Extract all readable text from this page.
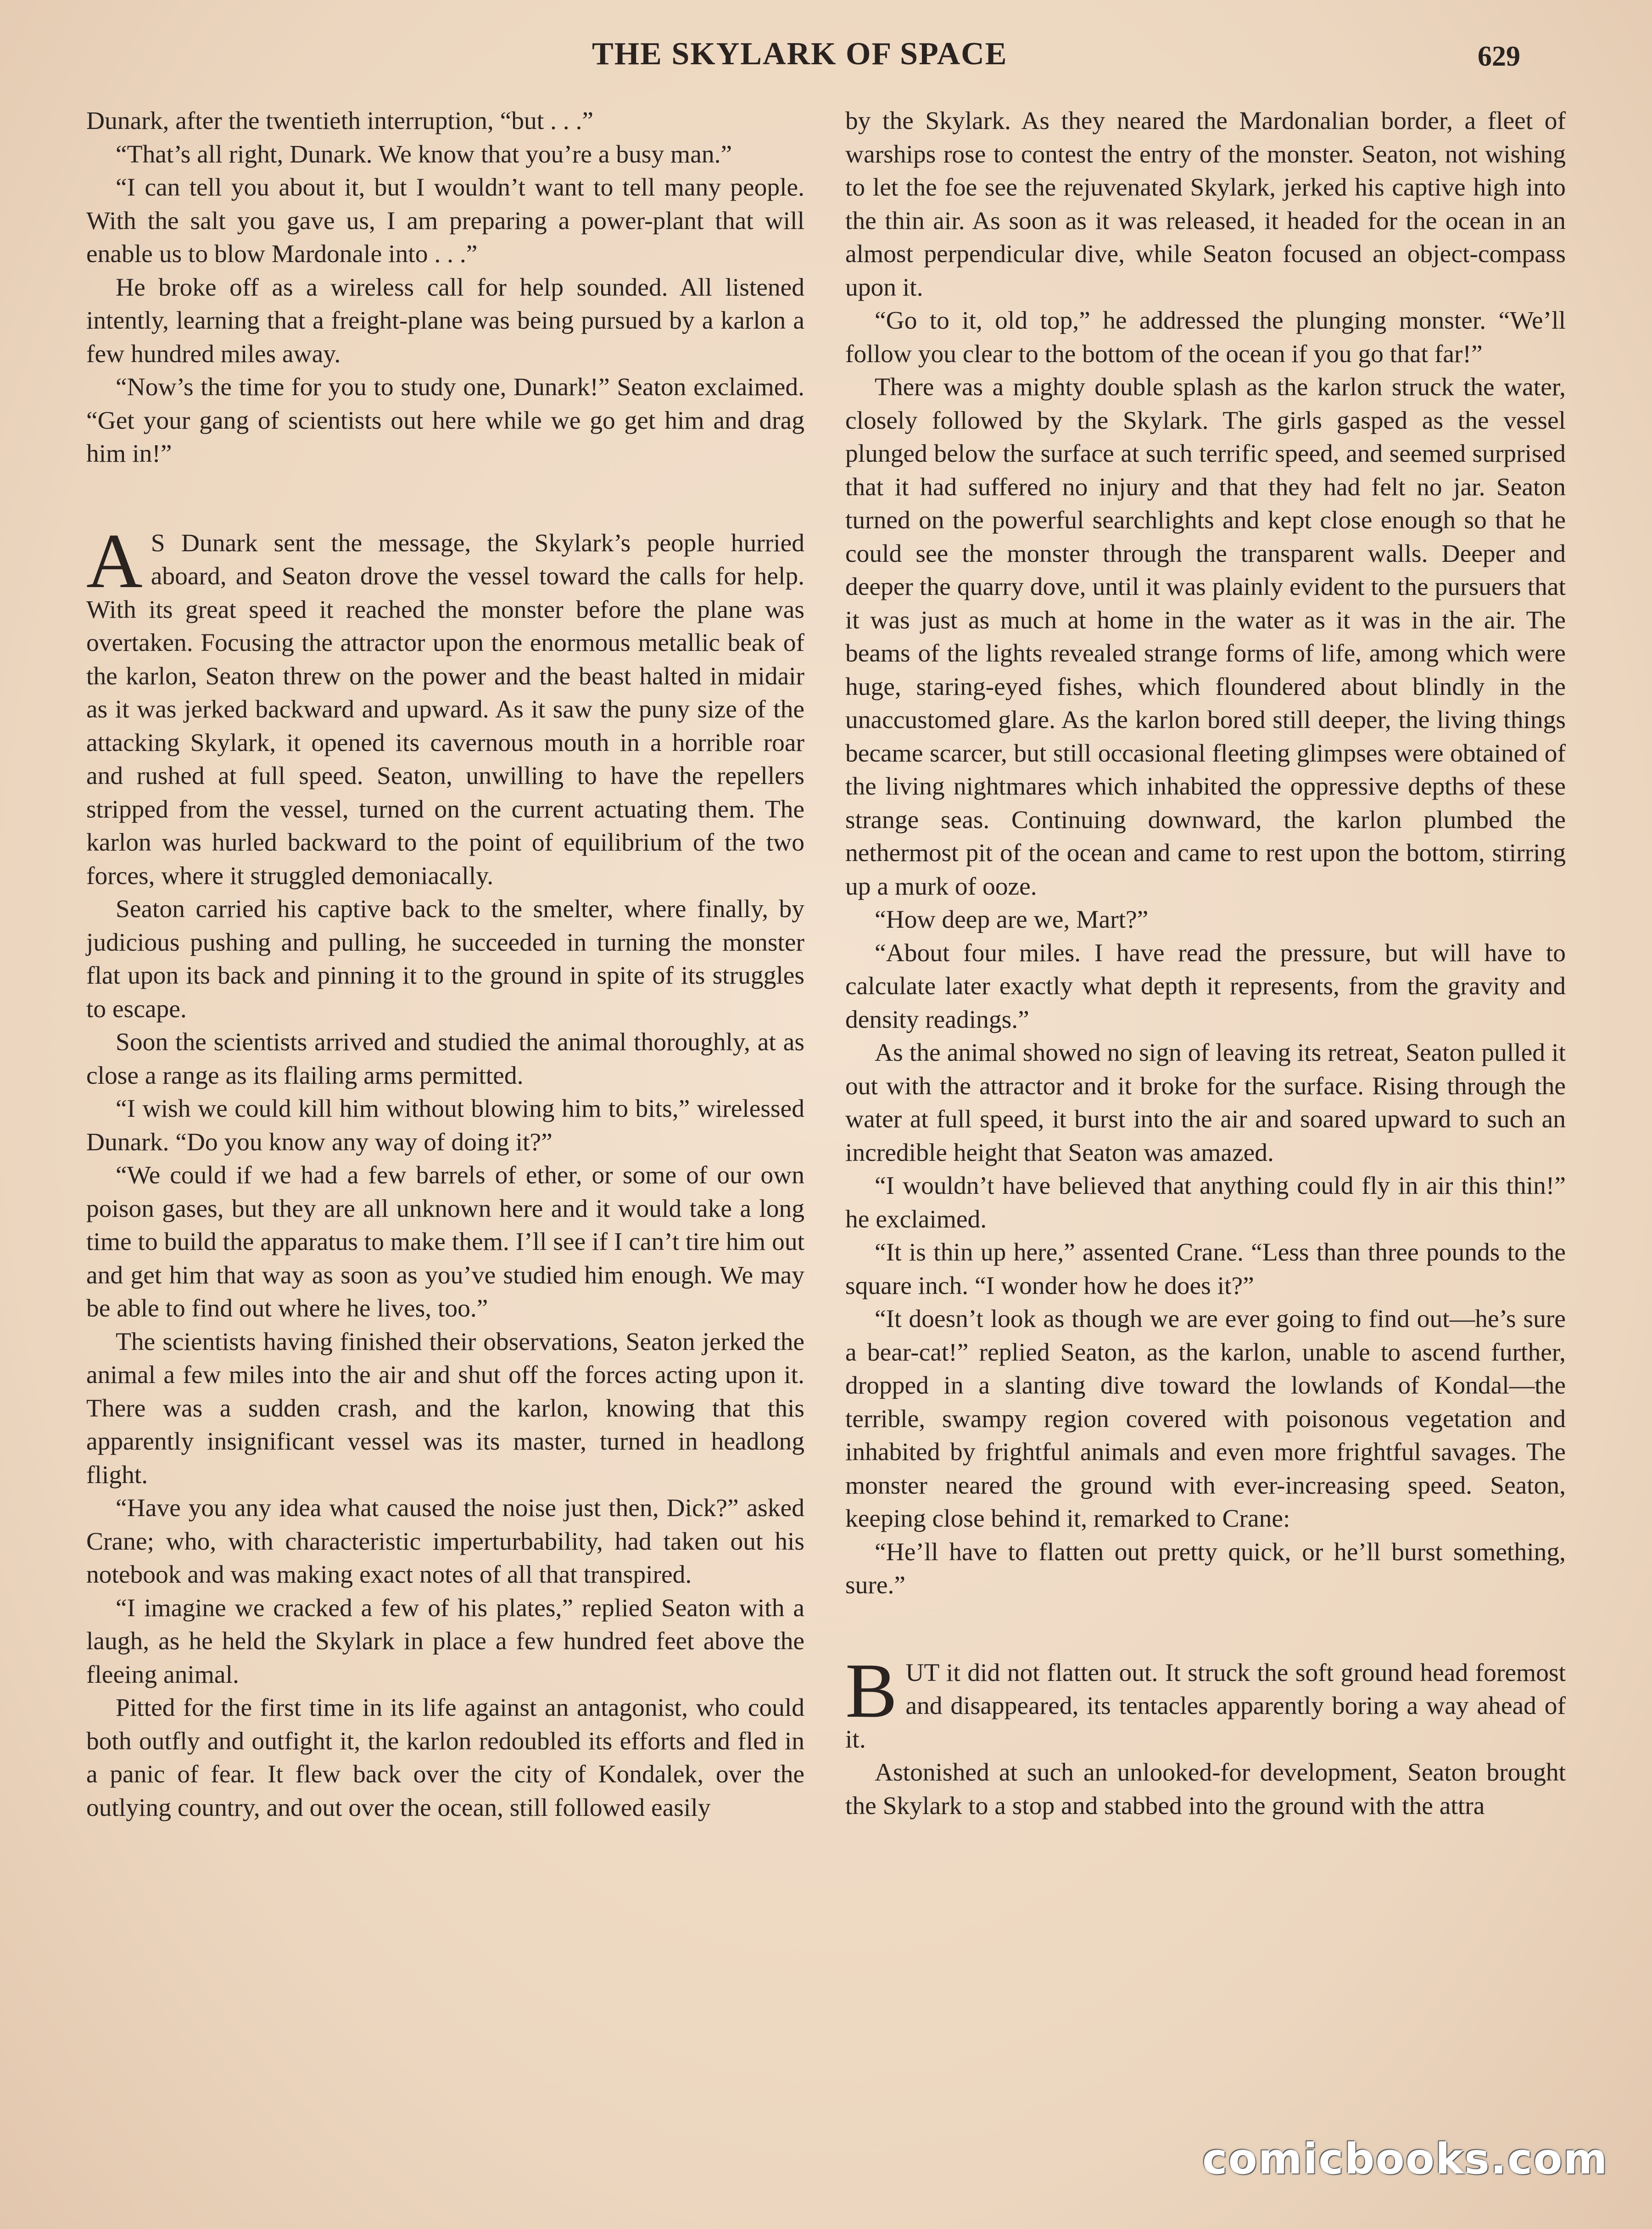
THE SKYLARK OF SPACE	629

Dunark, after the twentieth interruption, “but . . .”

“That’s all right, Dunark. We know that you’re a busy man.”

“I can tell you about it, but I wouldn’t want to tell many people. With the salt you gave us, I am preparing a power-plant that will enable us to blow Mardonale into . . .”

He broke off as a wireless call for help sounded. All listened intently, learning that a freight-plane was being pursued by a karlon a few hundred miles away.

“Now’s the time for you to study one, Dunark!” Seaton exclaimed. “Get your gang of scientists out here while we go get him and drag him in!”

A S Dunark sent the message, the Skylark’s people hurried aboard, and Seaton drove the vessel toward the calls for help. With its great speed it reached the monster before the plane was overtaken. Focusing the attractor upon the enormous metallic beak of the karlon, Seaton threw on the power and the beast halted in midair as it was jerked backward and upward. As it saw the puny size of the attacking Skylark, it opened its cavernous mouth in a horrible roar and rushed at full speed. Seaton, unwilling to have the repellers stripped from the vessel, turned on the current actuating them. The karlon was hurled backward to the point of equilibrium of the two forces, where it struggled demoniacally.

Seaton carried his captive back to the smelter, where finally, by judicious pushing and pulling, he succeeded in turning the monster flat upon its back and pinning it to the ground in spite of its struggles to escape.

Soon the scientists arrived and studied the animal thoroughly, at as close a range as its flailing arms permitted.

“I wish we could kill him without blowing him to bits,” wirelessed Dunark. “Do you know any way of doing it?”

“We could if we had a few barrels of ether, or some of our own poison gases, but they are all unknown here and it would take a long time to build the apparatus to make them. I’ll see if I can’t tire him out and get him that way as soon as you’ve studied him enough. We may be able to find out where he lives, too.”

The scientists having finished their observations, Seaton jerked the animal a few miles into the air and shut off the forces acting upon it. There was a sudden crash, and the karlon, knowing that this apparently insignificant vessel was its master, turned in headlong flight.

“Have you any idea what caused the noise just then, Dick?” asked Crane; who, with characteristic imperturbability, had taken out his notebook and was making exact notes of all that transpired.

“I imagine we cracked a few of his plates,” replied Seaton with a laugh, as he held the Skylark in place a few hundred feet above the fleeing animal.

Pitted for the first time in its life against an antagonist, who could both outfly and outfight it, the karlon redoubled its efforts and fled in a panic of fear. It flew back over the city of Kondalek, over the outlying country, and out over the ocean, still followed easily

by the Skylark. As they neared the Mardonalian border, a fleet of warships rose to contest the entry of the monster. Seaton, not wishing to let the foe see the rejuvenated Skylark, jerked his captive high into the thin air. As soon as it was released, it headed for the ocean in an almost perpendicular dive, while Seaton focused an object-compass upon it.

“Go to it, old top,” he addressed the plunging monster. “We’ll follow you clear to the bottom of the ocean if you go that far!”

There was a mighty double splash as the karlon struck the water, closely followed by the Skylark. The girls gasped as the vessel plunged below the surface at such terrific speed, and seemed surprised that it had suffered no injury and that they had felt no jar. Seaton turned on the powerful searchlights and kept close enough so that he could see the monster through the transparent walls. Deeper and deeper the quarry dove, until it was plainly evident to the pursuers that it was just as much at home in the water as it was in the air. The beams of the lights revealed strange forms of life, among which were huge, staring-eyed fishes, which floundered about blindly in the unaccustomed glare. As the karlon bored still deeper, the living things became scarcer, but still occasional fleeting glimpses were obtained of the living nightmares which inhabited the oppressive depths of these strange seas. Continuing downward, the karlon plumbed the nethermost pit of the ocean and came to rest upon the bottom, stirring up a murk of ooze.

“How deep are we, Mart?”

“About four miles. I have read the pressure, but will have to calculate later exactly what depth it represents, from the gravity and density readings.”

As the animal showed no sign of leaving its retreat, Seaton pulled it out with the attractor and it broke for the surface. Rising through the water at full speed, it burst into the air and soared upward to such an incredible height that Seaton was amazed.

“I wouldn’t have believed that anything could fly in air this thin!” he exclaimed.

“It is thin up here,” assented Crane. “Less than three pounds to the square inch. “I wonder how he does it?”

“It doesn’t look as though we are ever going to find out—he’s sure a bear-cat!” replied Seaton, as the karlon, unable to ascend further, dropped in a slanting dive toward the lowlands of Kondal—the terrible, swampy region covered with poisonous vegetation and inhabited by frightful animals and even more frightful savages. The monster neared the ground with ever-increasing speed. Seaton, keeping close behind it, remarked to Crane:

“He’ll have to flatten out pretty quick, or he’ll burst something, sure.”

BUT it did not flatten out. It struck the soft ground head foremost and disappeared, its tentacles apparently boring a way ahead of it.

Astonished at such an unlooked-for development, Seaton brought the Skylark to a stop and stabbed into the ground with the attra

comicbooks.com
